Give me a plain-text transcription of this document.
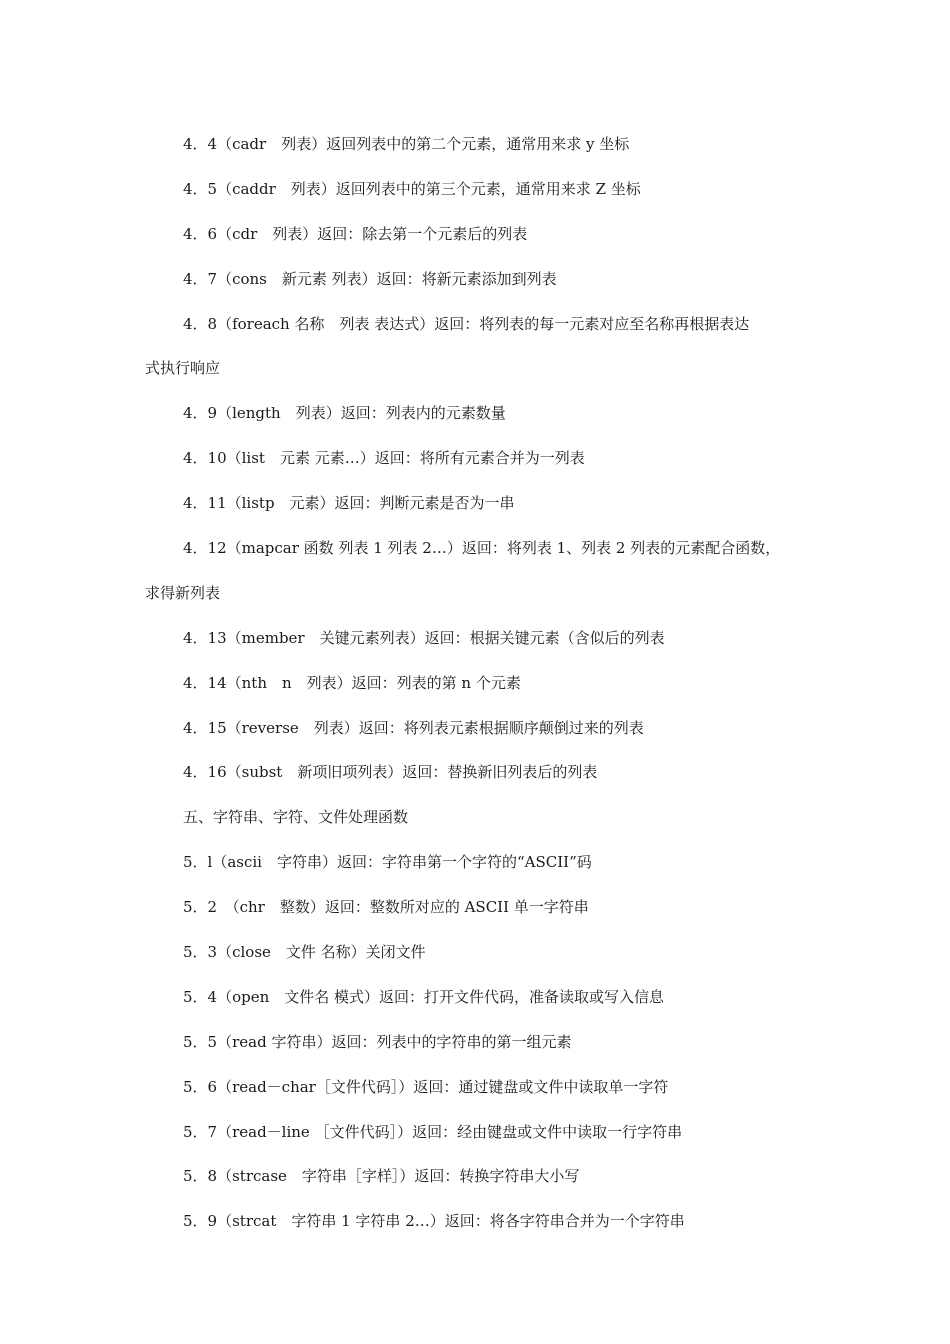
4．4（cadr　列表）返回列表中的第二个元素，通常用来求 y 坐标
4．5（caddr　列表）返回列表中的第三个元素，通常用来求 Z 坐标
4．6（cdr　列表）返回：除去第一个元素后的列表
4．7（cons　新元素 列表）返回：将新元素添加到列表
4．8（foreach 名称　列表 表达式）返回：将列表的每一元素对应至名称再根据表达
式执行响应
4．9（length　列表）返回：列表内的元素数量
4．10（list　元素 元素…）返回：将所有元素合并为一列表
4．11（listp　元素）返回：判断元素是否为一串
4．12（mapcar 函数 列表 1 列表 2…）返回：将列表 1、列表 2 列表的元素配合函数，
求得新列表
4．13（member　关键元素列表）返回：根据关键元素（含似后的列表
4．14（nth　n　列表）返回：列表的第 n 个元素
4．15（reverse　列表）返回：将列表元素根据顺序颠倒过来的列表
4．16（subst　新项旧项列表）返回：替换新旧列表后的列表
五、字符串、字符、文件处理函数
5．l（ascii　字符串）返回：字符串第一个字符的“ASCII”码
5．2　（chr　整数）返回：整数所对应的 ASCII 单一字符串
5．3（close　文件 名称）关闭文件
5．4（open　文件名 模式）返回：打开文件代码，准备读取或写入信息
5．5（read 字符串）返回：列表中的字符串的第一组元素
5．6（read－char［文件代码］）返回：通过键盘或文件中读取单一字符
5．7（read－line ［文件代码］）返回：经由键盘或文件中读取一行字符串
5．8（strcase　字符串［字样］）返回：转换字符串大小写
5．9（strcat　字符串 1 字符串 2…）返回：将各字符串合并为一个字符串
